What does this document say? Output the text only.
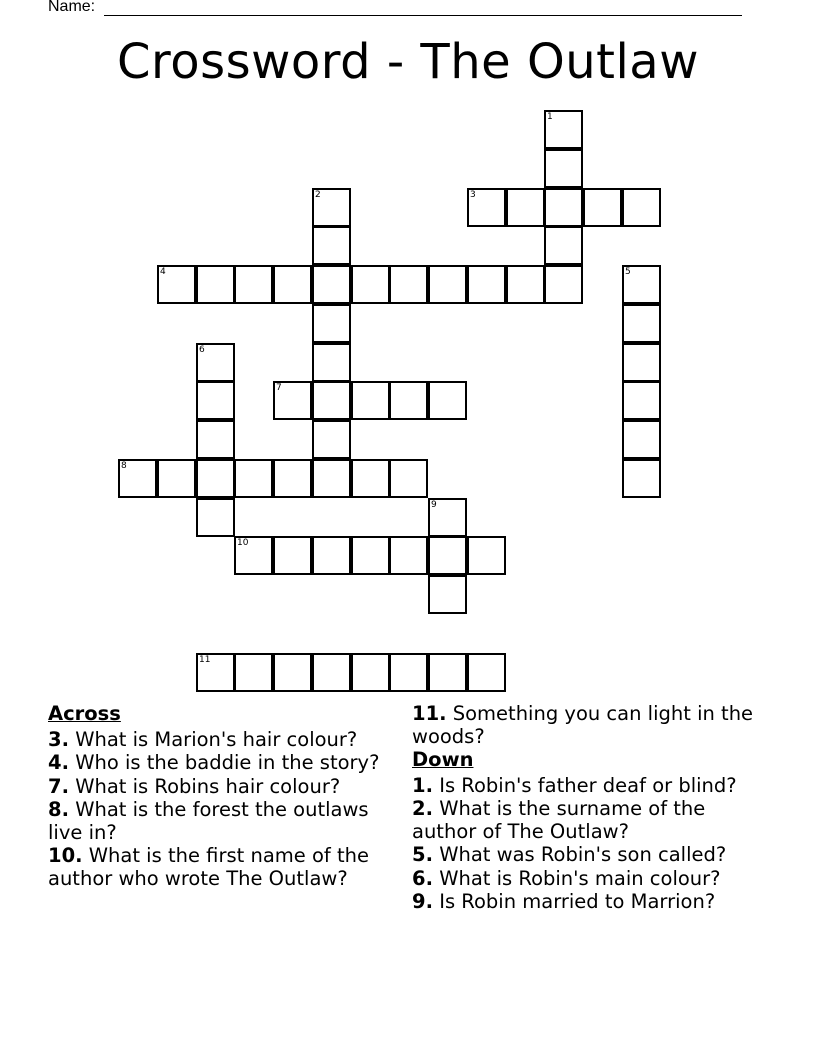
Name:
Crossword - The Outlaw
1
2	3
4	5
6
7
8
9
10
11
Across
3. What is Marion's hair colour?
4. Who is the baddie in the story?
7. What is Robins hair colour?
8. What is the forest the outlaws live in?
10. What is the first name of the author who wrote The Outlaw?
11. Something you can light in the woods?
Down
1. Is Robin's father deaf or blind?
2. What is the surname of the author of The Outlaw?
5. What was Robin's son called?
6. What is Robin's main colour?
9. Is Robin married to Marrion?
